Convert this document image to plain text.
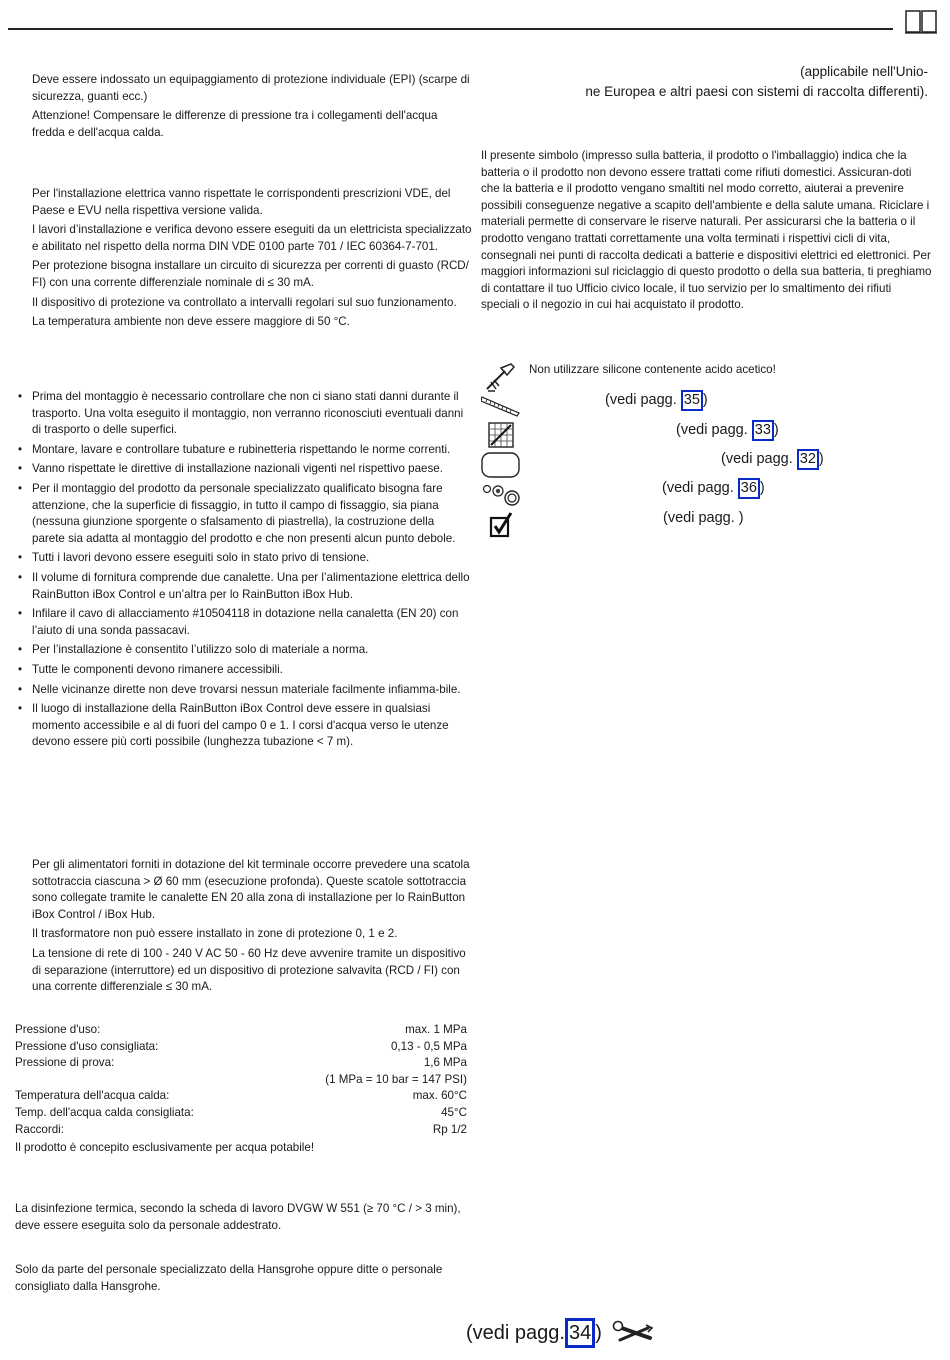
Deve essere indossato un equipaggiamento di protezione individuale (EPI) (scarpe di sicurezza, guanti ecc.)

Attenzione! Compensare le differenze di pressione tra i collegamenti dell'acqua fredda e dell'acqua calda.

Per l'installazione elettrica vanno rispettate le corrispondenti prescrizioni VDE, del Paese e EVU nella rispettiva versione valida.

I lavori d’installazione e verifica devono essere eseguiti da un elettricista specializzato e abilitato nel rispetto della norma DIN VDE 0100 parte 701 / IEC 60364-7-701.

Per protezione bisogna installare un circuito di sicurezza per correnti di guasto (RCD/ FI) con una corrente differenziale nominale di ≤ 30 mA.

Il dispositivo di protezione va controllato a intervalli regolari sul suo funzionamento.

La temperatura ambiente non deve essere maggiore di 50 °C.

• Prima del montaggio è necessario controllare che non ci siano stati danni durante il trasporto. Una volta eseguito il montaggio, non verranno riconosciuti eventuali danni di trasporto o delle superfici.
• Montare, lavare e controllare tubature e rubinetteria rispettando le norme correnti.
• Vanno rispettate le direttive di installazione nazionali vigenti nel rispettivo paese.
• Per il montaggio del prodotto da personale specializzato qualificato bisogna fare attenzione, che la superficie di fissaggio, in tutto il campo di fissaggio, sia piana (nessuna giunzione sporgente o sfalsamento di piastrella), la costruzione della parete sia adatta al montaggio del prodotto e che non presenti alcun punto debole.
• Tutti i lavori devono essere eseguiti solo in stato privo di tensione.
• Il volume di fornitura comprende due canalette. Una per l’alimentazione elettrica dello RainButton iBox Control e un’altra per lo RainButton iBox Hub.
• Infilare il cavo di allacciamento #10504118 in dotazione nella canaletta (EN 20) con l’aiuto di una sonda passacavi.
• Per l’installazione è consentito l’utilizzo solo di materiale a norma.
• Tutte le componenti devono rimanere accessibili.
• Nelle vicinanze dirette non deve trovarsi nessun materiale facilmente infiamma-bile.
• Il luogo di installazione della RainButton iBox Control deve essere in qualsiasi momento accessibile e al di fuori del campo 0 e 1. I corsi d'acqua verso le utenze devono essere più corti possibile (lunghezza tubazione < 7 m).

Per gli alimentatori forniti in dotazione del kit terminale occorre prevedere una scatola sottotraccia ciascuna > Ø 60 mm (esecuzione profonda). Queste scatole sottotraccia sono collegate tramite le canalette EN 20 alla zona di installazione per lo RainButton iBox Control / iBox Hub.

Il trasformatore non può essere installato in zone di protezione 0, 1 e 2.

La tensione di rete di 100 - 240 V AC 50 - 60 Hz deve avvenire tramite un dispositivo di separazione (interruttore) ed un dispositivo di protezione salvavita (RCD / FI) con una corrente differenziale ≤ 30 mA.

Pressione d'uso:	max. 1 MPa
Pressione d'uso consigliata:	0,13 - 0,5 MPa
Pressione di prova:	1,6 MPa
(1 MPa = 10 bar = 147 PSI)
Temperatura dell'acqua calda:	max. 60°C
Temp. dell'acqua calda consigliata:	45°C
Raccordi:	Rp 1/2
Il prodotto è concepito esclusivamente per acqua potabile!
La disinfezione termica, secondo la scheda di lavoro DVGW W 551 (≥ 70 °C / > 3 min), deve essere eseguita solo da personale addestrato.
Solo da parte del personale specializzato della Hansgrohe oppure ditte o personale consigliato dalla Hansgrohe.
(applicabile nell'Unio-
ne Europea e altri paesi con sistemi di raccolta differenti).
Il presente simbolo (impresso sulla batteria, il prodotto o l'imballaggio) indica che la batteria o il prodotto non devono essere trattati come rifiuti domestici. Assicuran-doti che la batteria e il prodotto vengano smaltiti nel modo corretto, aiuterai a prevenire possibili conseguenze negative a scapito dell'ambiente e della salute umana. Riciclare i materiali permette di conservare le riserve naturali. Per assicurarsi che la batteria o il prodotto vengano trattati correttamente una volta terminati i rispettivi cicli di vita, consegnali nei punti di raccolta dedicati a batterie e dispositivi elettrici ed elettronici. Per maggiori informazioni sul riciclaggio di questo prodotto o della sua batteria, ti preghiamo di contattare il tuo Ufficio civico locale, il tuo servizio per lo smaltimento dei rifiuti speciali o il negozio in cui hai acquistato il prodotto.
Non utilizzare silicone contenente acido acetico!
(vedi pagg. 35 )
(vedi pagg. 33 )
(vedi pagg. 32 )
(vedi pagg. 36 )
(vedi pagg. )
(vedi pagg. 34 )
